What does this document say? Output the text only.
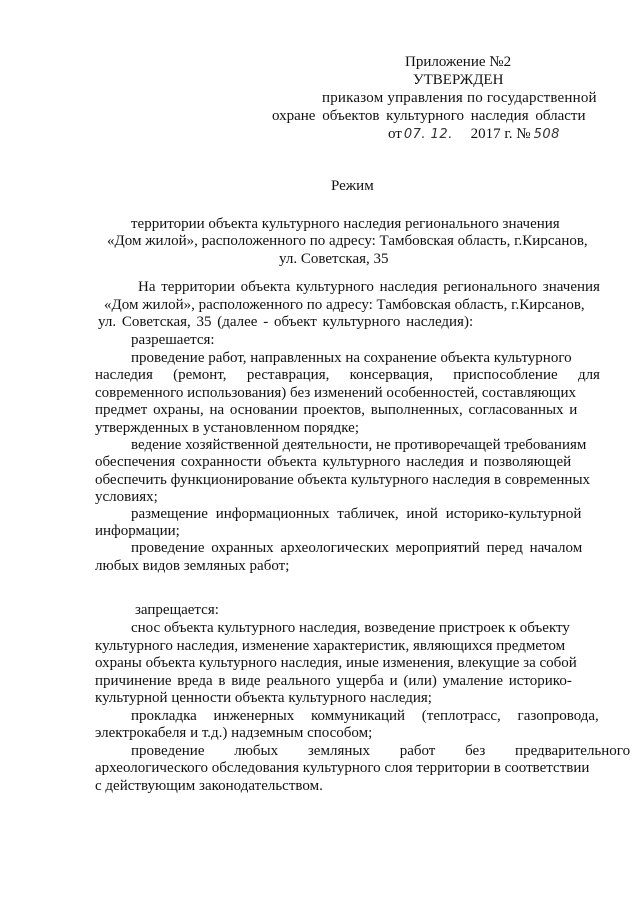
Приложение №2
УТВЕРЖДЕН
приказом управления по государственной
охране объектов культурного наследия области
от 07. 12. 2017 г. № 508
Режим
территории объекта культурного наследия регионального значения
«Дом жилой», расположенного по адресу: Тамбовская область, г.Кирсанов,
ул. Советская, 35
На территории объекта культурного наследия регионального значения
«Дом жилой», расположенного по адресу: Тамбовская область, г.Кирсанов,
ул. Советская, 35 (далее - объект культурного наследия):
разрешается:
проведение работ, направленных на сохранение объекта культурного
наследия (ремонт, реставрация, консервация, приспособление для
современного использования) без изменений особенностей, составляющих
предмет охраны, на основании проектов, выполненных, согласованных и
утвержденных в установленном порядке;
ведение хозяйственной деятельности, не противоречащей требованиям
обеспечения сохранности объекта культурного наследия и позволяющей
обеспечить функционирование объекта культурного наследия в современных
условиях;
размещение информационных табличек, иной историко-культурной
информации;
проведение охранных археологических мероприятий перед началом
любых видов земляных работ;
запрещается:
снос объекта культурного наследия, возведение пристроек к объекту
культурного наследия, изменение характеристик, являющихся предметом
охраны объекта культурного наследия, иные изменения, влекущие за собой
причинение вреда в виде реального ущерба и (или) умаление историко-
культурной ценности объекта культурного наследия;
прокладка инженерных коммуникаций (теплотрасс, газопровода,
электрокабеля и т.д.) надземным способом;
проведение любых земляных работ без предварительного
археологического обследования культурного слоя территории в соответствии
с действующим законодательством.
